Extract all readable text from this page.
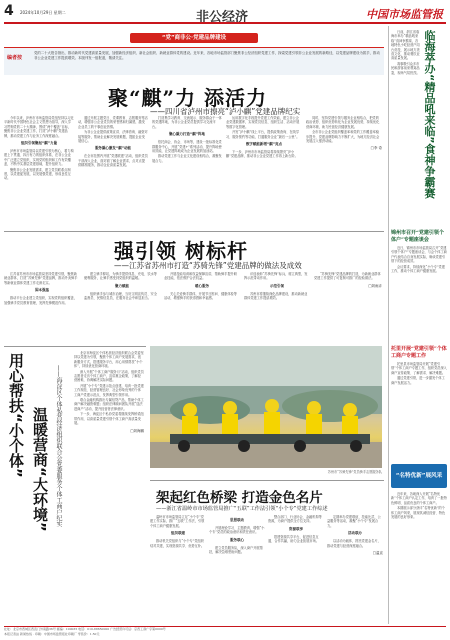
4 2024年10月29日 星期二	非公经济	中国市场监管报
“党”商非公·党建品牌建设
编者按
党的二十大报告指出，推动新时代党建高质量发展，加强新经济组织、新社会组织、新就业群体党的建设。近年来，各地市场监管部门聚焦非公经济组织党建工作，探索党建引领非公企业发展的新路径，以党建品牌建设为抓手，推动非公企业党建工作提质增效。本版刊发一组报道，敬请关注。
聚“麒”力 添活力
——四川省泸州市擦亮“泸小麒”党建品牌纪实

今年以来，泸州市市场监管局党组坚持以习近平新时代中国特色社会主义思想为指导，深入学习贯彻党的二十大精神，围绕“两个覆盖”目标，聚焦非公企业党建工作，打造“泸小麒”党建品牌，推动党建工作与业务工作深度融合。

组织引领聚起“麒”力量

泸州市市场监管局以党建引领为核心，着力构建上下贯通、执行有力的组织体系，在非公企业中广泛建立党组织，实现党的组织和工作有效覆盖，不断夯实基层党建基础，提升组织力。

聚焦非公企业发展需求，建立党员联系点制度，以党建促发展，以发展强党建，形成良性互动。

通过开展主题党日、党课教育、志愿服务等活动，增强非公企业党员的荣誉感和归属感，激发企业员工的干事创业热情。

为非公企业提供政策宣讲、法律咨询、融资对接等服务，帮助企业解决发展难题，提振企业发展信心。

服务凝心激发“麒”动能

在全市范围内开展“党建联建”活动，组织党员干部深入企业，面对面了解企业需求，点对点提供精准服务，推动企业高质量发展。

打造集学习教育、交流展示、服务群众于一体的党建阵地，为非公企业党员提供学习交流平台。

聚心凝力打造“麒”阵地

依托商会、协会、市场等，建设一批标准化党群服务中心，开展“党建+”系列活动，提升阵地使用效能，让党建阵地成为企业发展的加油站。

推动党建工作与企业文化建设相结合，凝聚发展合力。

运用数字化手段提升党建工作效能，建立非公企业党建数据库，实现党员信息、组织生活、活动开展等数字化管理。

开发“泸小麒”线上平台，提供政策查询、在线学习、服务预约等功能，打通服务企业“最后一公里”。

数字赋能新增“麒”亮点

下一步，泸州市市场监管局将持续擦亮“泸小麒”党建品牌，推动非公企业党建工作再上新台阶。

同时，坚持党建引领与服务企业相结合，把党的政治优势、组织优势转化为企业发展优势，持续优化营商环境，助力民营经济健康发展。

全市非公企业党组织覆盖率和党的工作覆盖率稳步提升，党建品牌影响力不断扩大，为地方经济社会发展注入强劲动能。

□李 奇
强引领 树标杆
——江苏省苏州市打造“苏骑先锋”党建品牌的做法及成效

江苏省苏州市市场监管局坚持党建引领，聚焦新就业群体，打造“苏骑先锋”党建品牌，推动外卖骑手等新就业群体党建工作走深走实。

固本强基

推动平台企业建立党组织，实现党的组织覆盖，加强骑手党员教育管理，发挥先锋模范作用。

建立骑手驿站，为骑手提供休息、充电、饮水等便利服务，让骑手感受到党组织的温暖。

聚力赋能

组织骑手参与城市治理，当好文明宣传员、安全监督员、民情信息员，在服务社会中彰显担当。

开展技能培训和权益保障宣讲，帮助骑手提升职业技能，依法维护合法权益。

暖心服务

关心关爱骑手群体，开展节日慰问、健康体检等活动，增强骑手的获得感和幸福感。

评选表彰“苏骑先锋”标兵，树立典型，发挥示范带动作用。

示范引领

苏州市将继续深化品牌建设，推动新就业群体党建工作提质增效。

“苏骑先锋”党建品牌的打造，为新就业群体党建工作提供了可复制可推广的经验做法。

□刘雨卉
苏州市“苏骑先锋”党员骑手志愿服务队
用心帮扶“小个体” 温暖营商“大环境”	——海淀区个体私营经济组织联合会党委服务个体工商户纪实

北京市海淀区个体私营经济组织联合会党委坚持以党建为引领，聚焦个体工商户发展需求，创新服务方式，搭建服务平台，用心用情帮扶“小个体”，持续优化营商环境。

深入开展“个体工商户服务月”活动，组织党员志愿者走访个体工商户，宣讲惠企政策，了解经营困难，协调解决实际问题。

开展“小个专”党建示范点创建，培育一批党建工作规范、经营管理良好、社会形象优秀的个体工商户党建示范点，发挥典型引领作用。

联合金融机构推出专属信贷产品，帮助个体工商户解决融资难题；组织法律顾问团队开展“送法进商户”活动，提升经营者法律意识。

下一步，海淀区个私协党委将继续发挥桥梁纽带作用，以高质量党建引领个体工商户高质量发展。

□刘海鹏
架起红色桥梁 打造金色名片
——浙江省温岭市市场监管局推广“五联”工作法引领“小个专”党建工作综述

温岭市市场监管局立足“小个专”党建工作实际，推广“五联”工作法，引领个体工商户健康发展。

组织联建

推动机关党组织与“小个专”党组织结对共建，实现资源共享、优势互补。

思想联动

开展理论学习、主题教育，增强“小个专”党员的政治意识和责任意识。

服务联心

建立党员服务队，深入商户开展帮扶，解决急难愁盼问题。

整合部门、行业协会、金融机构等资源，为商户提供全方位支持。

资源联享

搭建资源共享平台，促进信息互通、合作共赢，助力企业拓展市场。

定期举办党建联谊、技能比武、公益服务等活动，凝聚“小个专”发展合力。

活动联办

以活动为载体，擦亮党建金名片，推动党建与经营深度融合。

□温宣

日前，浙江省临海市举办“精品吼来临”食神争霸赛，各地特色小吃经营户同台竞技，展示地方美食文化，推动餐饮业高质量发展。

赛事吸引众多市民和游客前来观赛品鉴，现场气氛热烈。 临海萃办“精品吼来临”食神争霸赛
锦州市召开“党建引领个体户”专题座谈会

近日，锦州市市场监管局召开“党建引领个体户”专题座谈会，与会个体工商户代表结合自身发展实际，畅谈党建引领下的经营成效。

会议要求，持续深化“小个专”党建工作，推动个体工商户健康发展。

托里开展“党建引领”个体工商户专题工作

托里县市场监管局开展“党建引领”个体工商户专题工作，组织党员深入商户宣传政策、了解需求、解决难题。

通过党建引领，进一步激发个体工商户发展活力。

“名特优新”展风采

近年来，各地深入开展“名特优新”个体工商户认定工作，培育了一批特色鲜明、品质优良的个体工商户。

本期展示部分获评“名特优新”的个体工商户风采，展现其诚信经营、特色发展的良好形象。

社址：北京市西城区西直门外南路36号 邮编：100035 电话：010-88650000 广告经营许可证：京西工商广字第0000号
本报记者站 新闻热线 · 印刷：中国市场监管报社印刷厂 零售价：1.50元
